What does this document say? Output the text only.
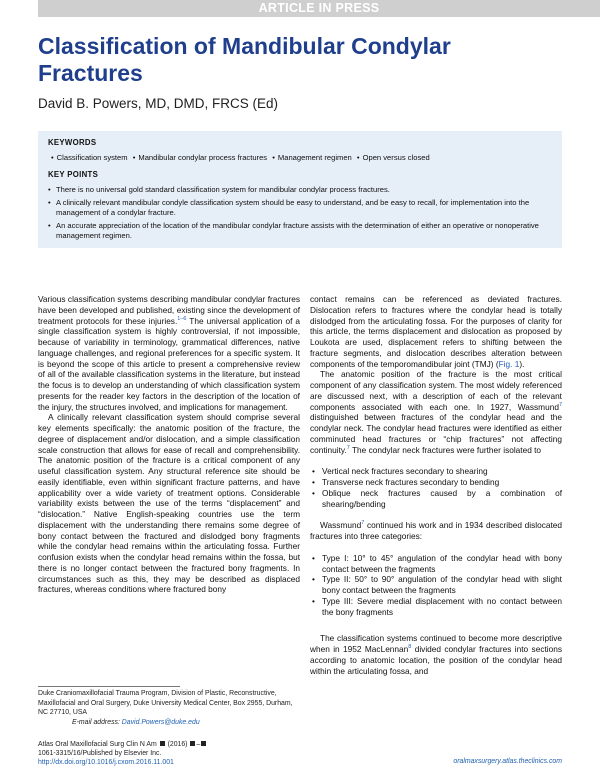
ARTICLE IN PRESS
Classification of Mandibular Condylar
Fractures
David B. Powers, MD, DMD, FRCS (Ed)
KEYWORDS
• Classification system • Mandibular condylar process fractures • Management regimen • Open versus closed
KEY POINTS
• There is no universal gold standard classification system for mandibular condylar process fractures.
• A clinically relevant mandibular condyle classification system should be easy to understand, and be easy to recall, for implementation into the management of a condylar fracture.
• An accurate appreciation of the location of the mandibular condylar fracture assists with the determination of either an operative or nonoperative management regimen.

Various classification systems describing mandibular condylar fractures have been developed and published, existing since the development of treatment protocols for these injuries.$^{1-6}$ The universal application of a single classification system is highly controversial, if not impossible, because of variability in terminology, grammatical differences, native language challenges, and regional preferences for a specific system. It is beyond the scope of this article to present a comprehensive review of all of the available classification systems in the literature, but instead the focus is to develop an understanding of which classification system presents for the reader key factors in the description of the location of the injury, the structures involved, and implications for management.

A clinically relevant classification system should comprise several key elements specifically: the anatomic position of the fracture, the degree of displacement and/or dislocation, and a simple classification scale construction that allows for ease of recall and comprehensibility. The anatomic position of the fracture is a critical component of any useful classification system. Any structural reference site should be easily identifiable, even within significant fracture patterns, and have applicability over a wide variety of treatment options. Considerable variability exists between the use of the terms “displacement” and “dislocation.” Native English-speaking countries use the term displacement with the understanding there remains some degree of bony contact between the fractured and dislodged bony fragments while the condylar head remains within the articulating fossa. Further confusion exists when the condylar head remains within the fossa, but there is no longer contact between the fractured bony fragments. In circumstances such as this, they may be described as displaced fractures, whereas conditions where fractured bony

contact remains can be referenced as deviated fractures. Dislocation refers to fractures where the condylar head is totally dislodged from the articulating fossa. For the purposes of clarity for this article, the terms displacement and dislocation as proposed by Loukota are used, displacement refers to shifting between the fracture segments, and dislocation describes alteration between components of the temporomandibular joint (TMJ) (Fig. 1).

The anatomic position of the fracture is the most critical component of any classification system. The most widely referenced are discussed next, with a description of each of the relevant components associated with each one. In 1927, Wassmund$^7$ distinguished between fractures of the condylar head and the condylar neck. The condylar head fractures were identified as either comminuted head fractures or “chip fractures” not affecting continuity.$^7$ The condylar neck fractures were further isolated to

• Vertical neck fractures secondary to shearing
• Transverse neck fractures secondary to bending
• Oblique neck fractures caused by a combination of shearing/bending

Wassmund$^7$ continued his work and in 1934 described dislocated fractures into three categories:

• Type I: 10° to 45° angulation of the condylar head with bony contact between the fragments
• Type II: 50° to 90° angulation of the condylar head with slight bony contact between the fragments
• Type III: Severe medial displacement with no contact between the bony fragments

The classification systems continued to become more descriptive when in 1952 MacLennan$^8$ divided condylar fractures into sections according to anatomic location, the position of the condylar head within the articulating fossa, and

Duke Craniomaxillofacial Trauma Program, Division of Plastic, Reconstructive, Maxillofacial and Oral Surgery, Duke University Medical Center, Box 2955, Durham, NC 27710, USA
E-mail address: David.Powers@duke.edu
Atlas Oral Maxillofacial Surg Clin N Am (2016) –
1061-3315/16/Published by Elsevier Inc.
http://dx.doi.org/10.1016/j.cxom.2016.11.001	oralmaxsurgery.atlas.theclinics.com
